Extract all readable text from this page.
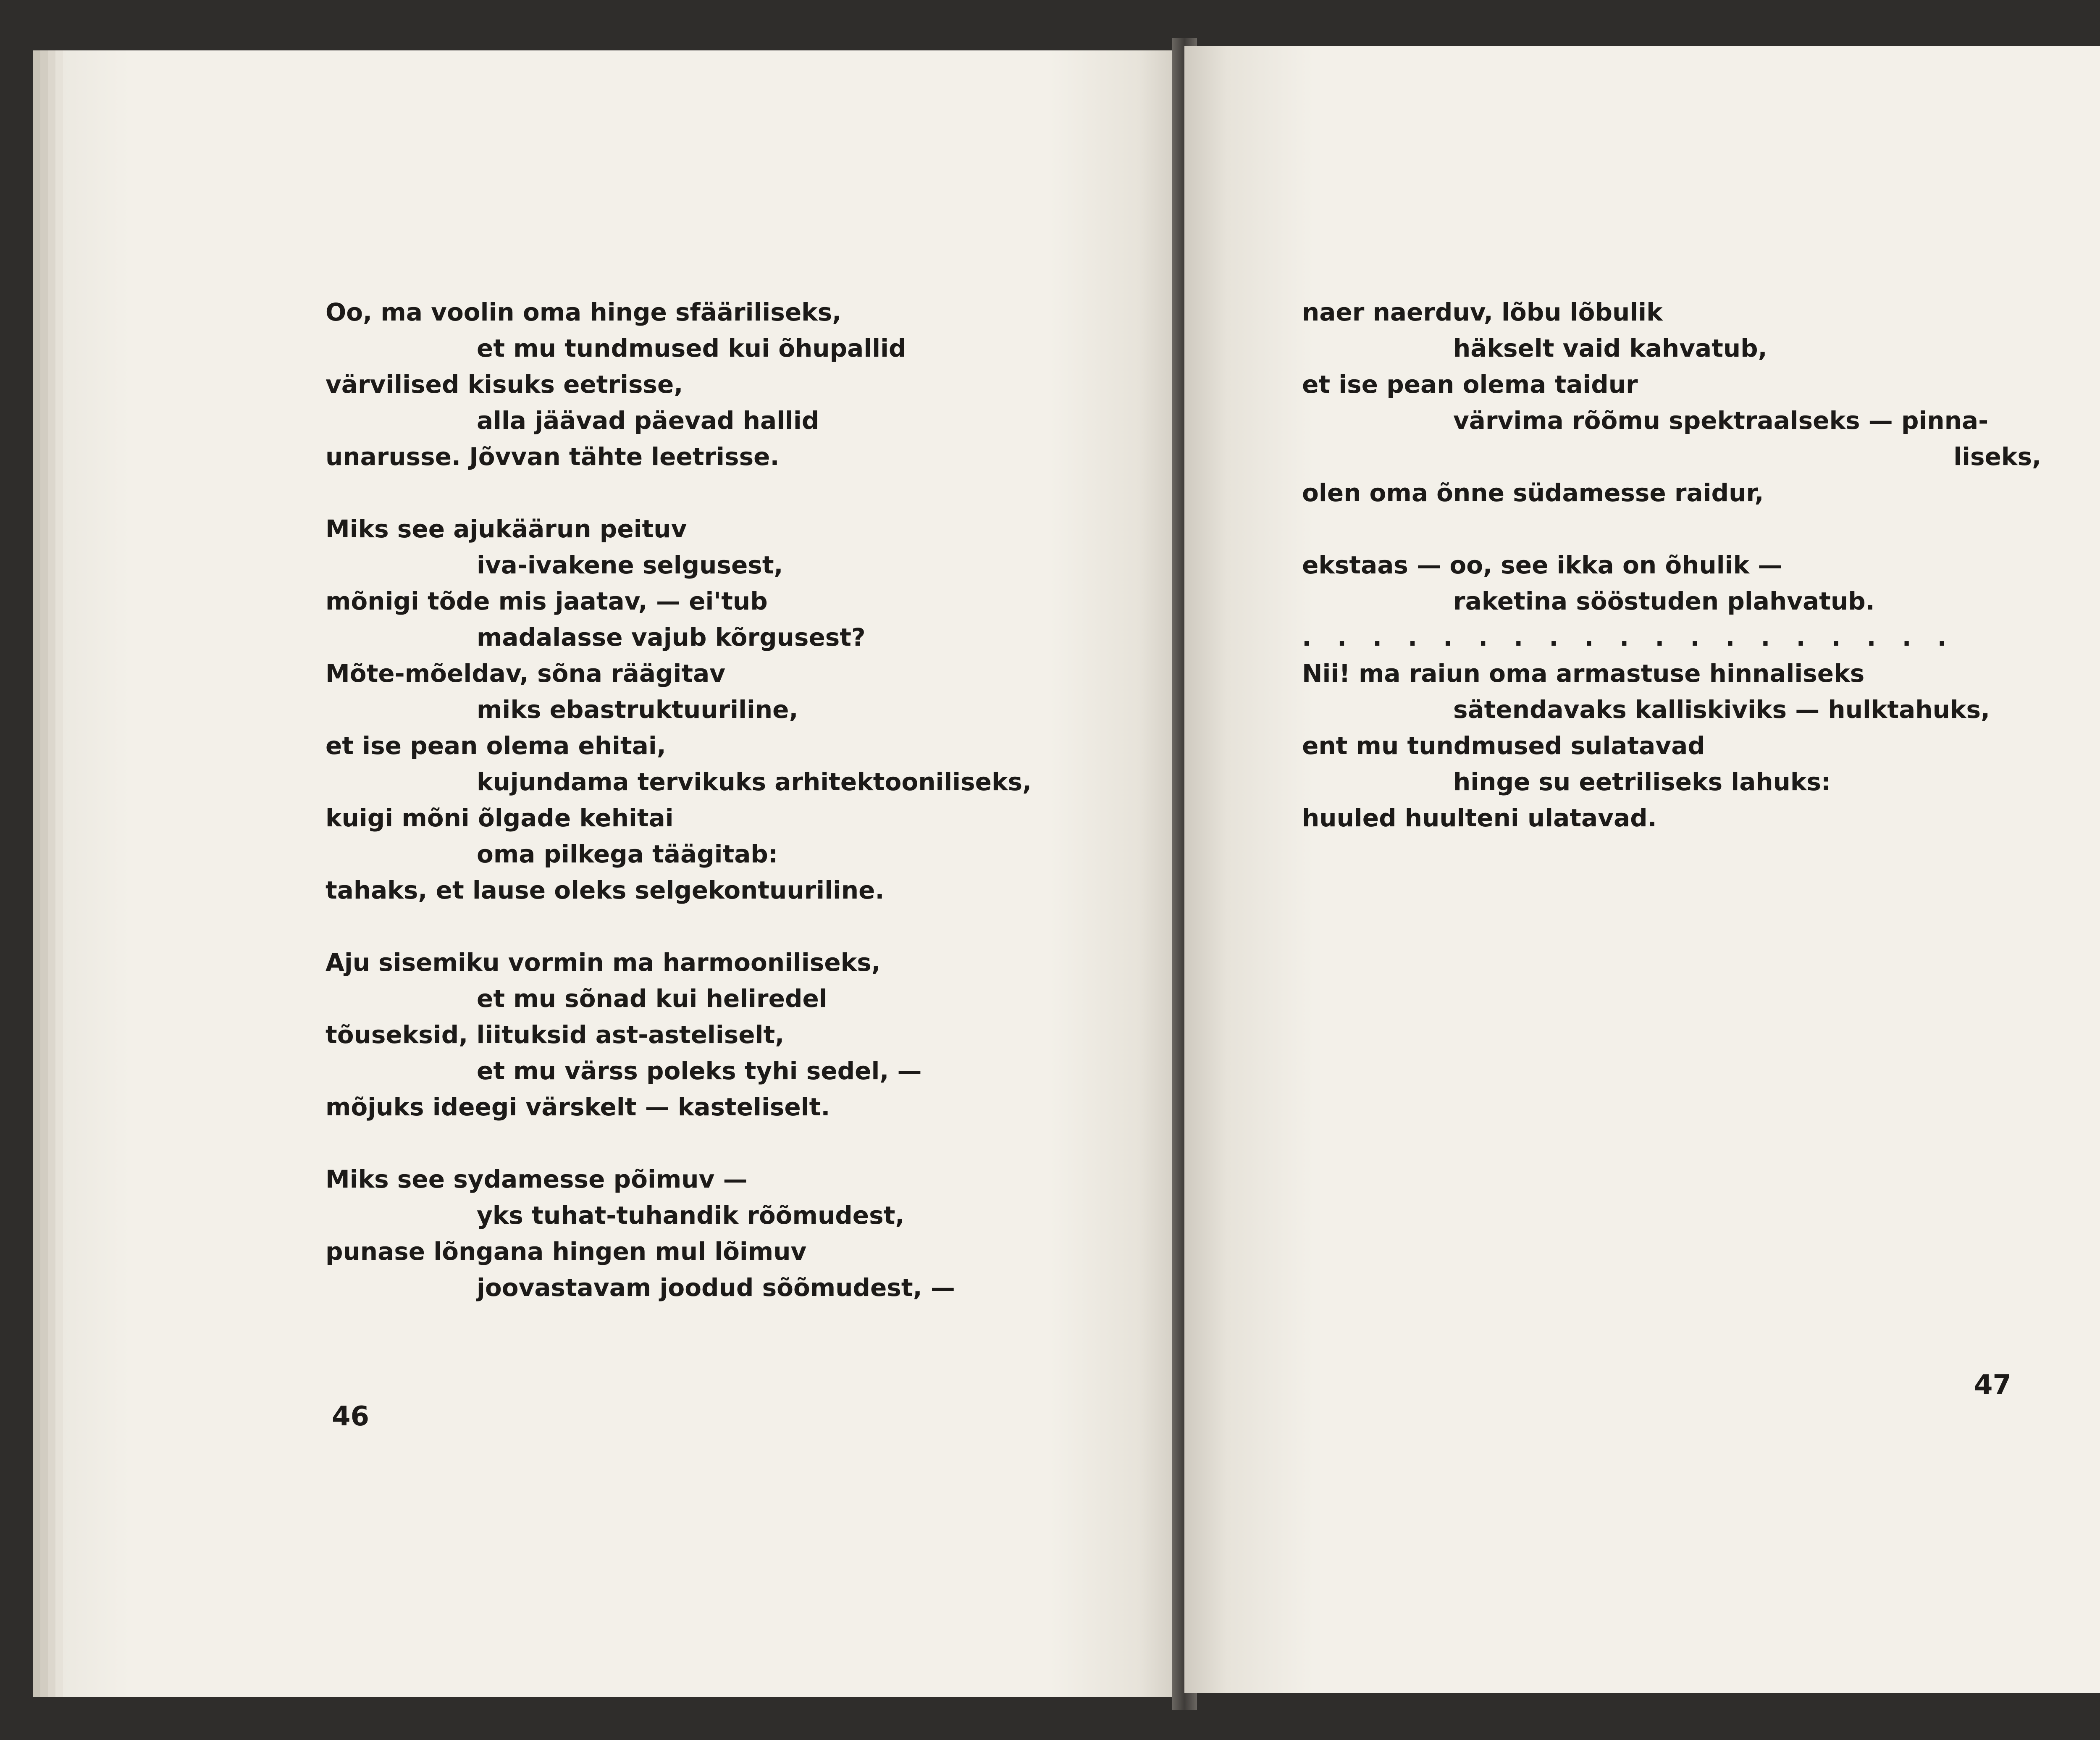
Oo, ma voolin oma hinge sfääriliseks,
et mu tundmused kui õhupallid
värvilised kisuks eetrisse,
alla jäävad päevad hallid
unarusse. Jõvvan tähte leetrisse.
Miks see ajukäärun peituv
iva-ivakene selgusest,
mõnigi tõde mis jaatav, — ei'tub
madalasse vajub kõrgusest?
Mõte-mõeldav, sõna räägitav
miks ebastruktuuriline,
et ise pean olema ehitai,
kujundama tervikuks arhitektooniliseks,
kuigi mõni õlgade kehitai
oma pilkega täägitab:
tahaks, et lause oleks selgekontuuriline.
Aju sisemiku vormin ma harmooniliseks,
et mu sõnad kui heliredel
tõuseksid, liituksid ast-asteliselt,
et mu värss poleks tyhi sedel, —
mõjuks ideegi värskelt — kasteliselt.
Miks see sydamesse põimuv —
yks tuhat-tuhandik rõõmudest,
punase lõngana hingen mul lõimuv
joovastavam joodud sõõmudest, —
46
naer naerduv, lõbu lõbulik
häkselt vaid kahvatub,
et ise pean olema taidur
värvima rõõmu spektraalseks — pinna-
liseks,
olen oma õnne südamesse raidur,
ekstaas — oo, see ikka on õhulik —
raketina sööstuden plahvatub.
...................
Nii! ma raiun oma armastuse hinnaliseks
sätendavaks kalliskiviks — hulktahuks,
ent mu tundmused sulatavad
hinge su eetriliseks lahuks:
huuled huulteni ulatavad.
47
